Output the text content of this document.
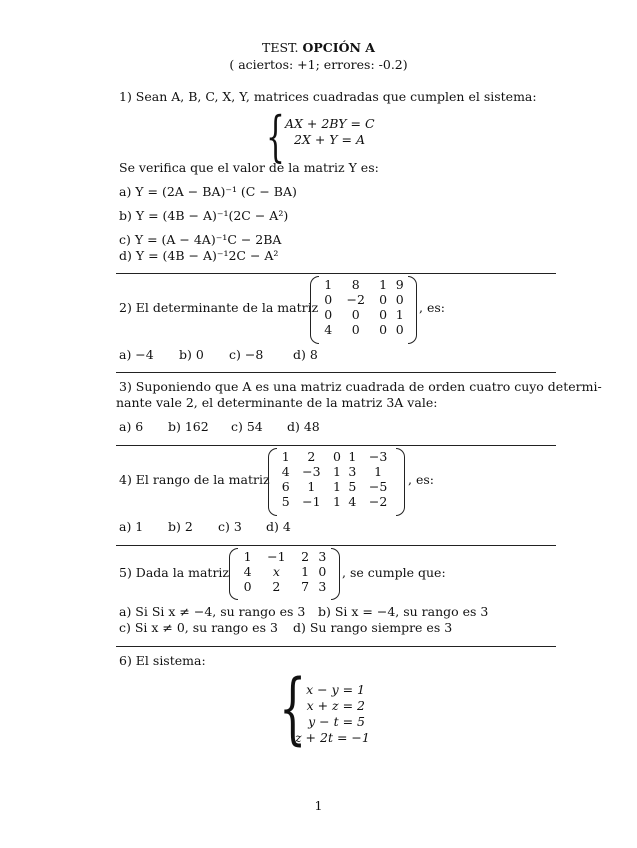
TEST. OPCIÓN A
( aciertos: +1; errores: -0.2)
1) Sean A, B, C, X, Y, matrices cuadradas que cumplen el sistema:
{ AX + 2BY = C
2X + Y = A
Se verifica que el valor de la matriz Y es:
a) Y = (2A − BA)⁻¹ (C − BA)
b) Y = (4B − A)⁻¹(2C − A²)
c) Y = (A − 4A)⁻¹C − 2BA
d) Y = (4B − A)⁻¹2C − A²
2) El determinante de la matriz
1	8	1	9
0	−2	0	0
0	0	0	1
4	0	0	0
, es:
a) −4 b) 0 c) −8 d) 8
3) Suponiendo que A es una matriz cuadrada de orden cuatro cuyo determi-
nante vale 2, el determinante de la matriz 3A vale:
a) 6 b) 162 c) 54 d) 48
4) El rango de la matriz
1	2	0	1	−3
4	−3	1	3	1
6	1	1	5	−5
5	−1	1	4	−2
, es:
a) 1 b) 2 c) 3 d) 4
5) Dada la matriz
1	−1	2	3
4	x	1	0
0	2	7	3
, se cumple que:
a) Si Si x ≠ −4, su rango es 3 b) Si x = −4, su rango es 3
c) Si x ≠ 0, su rango es 3 d) Su rango siempre es 3
6) El sistema:
{ x − y = 1
x + z = 2
y − t = 5
z + 2t = −1
1
